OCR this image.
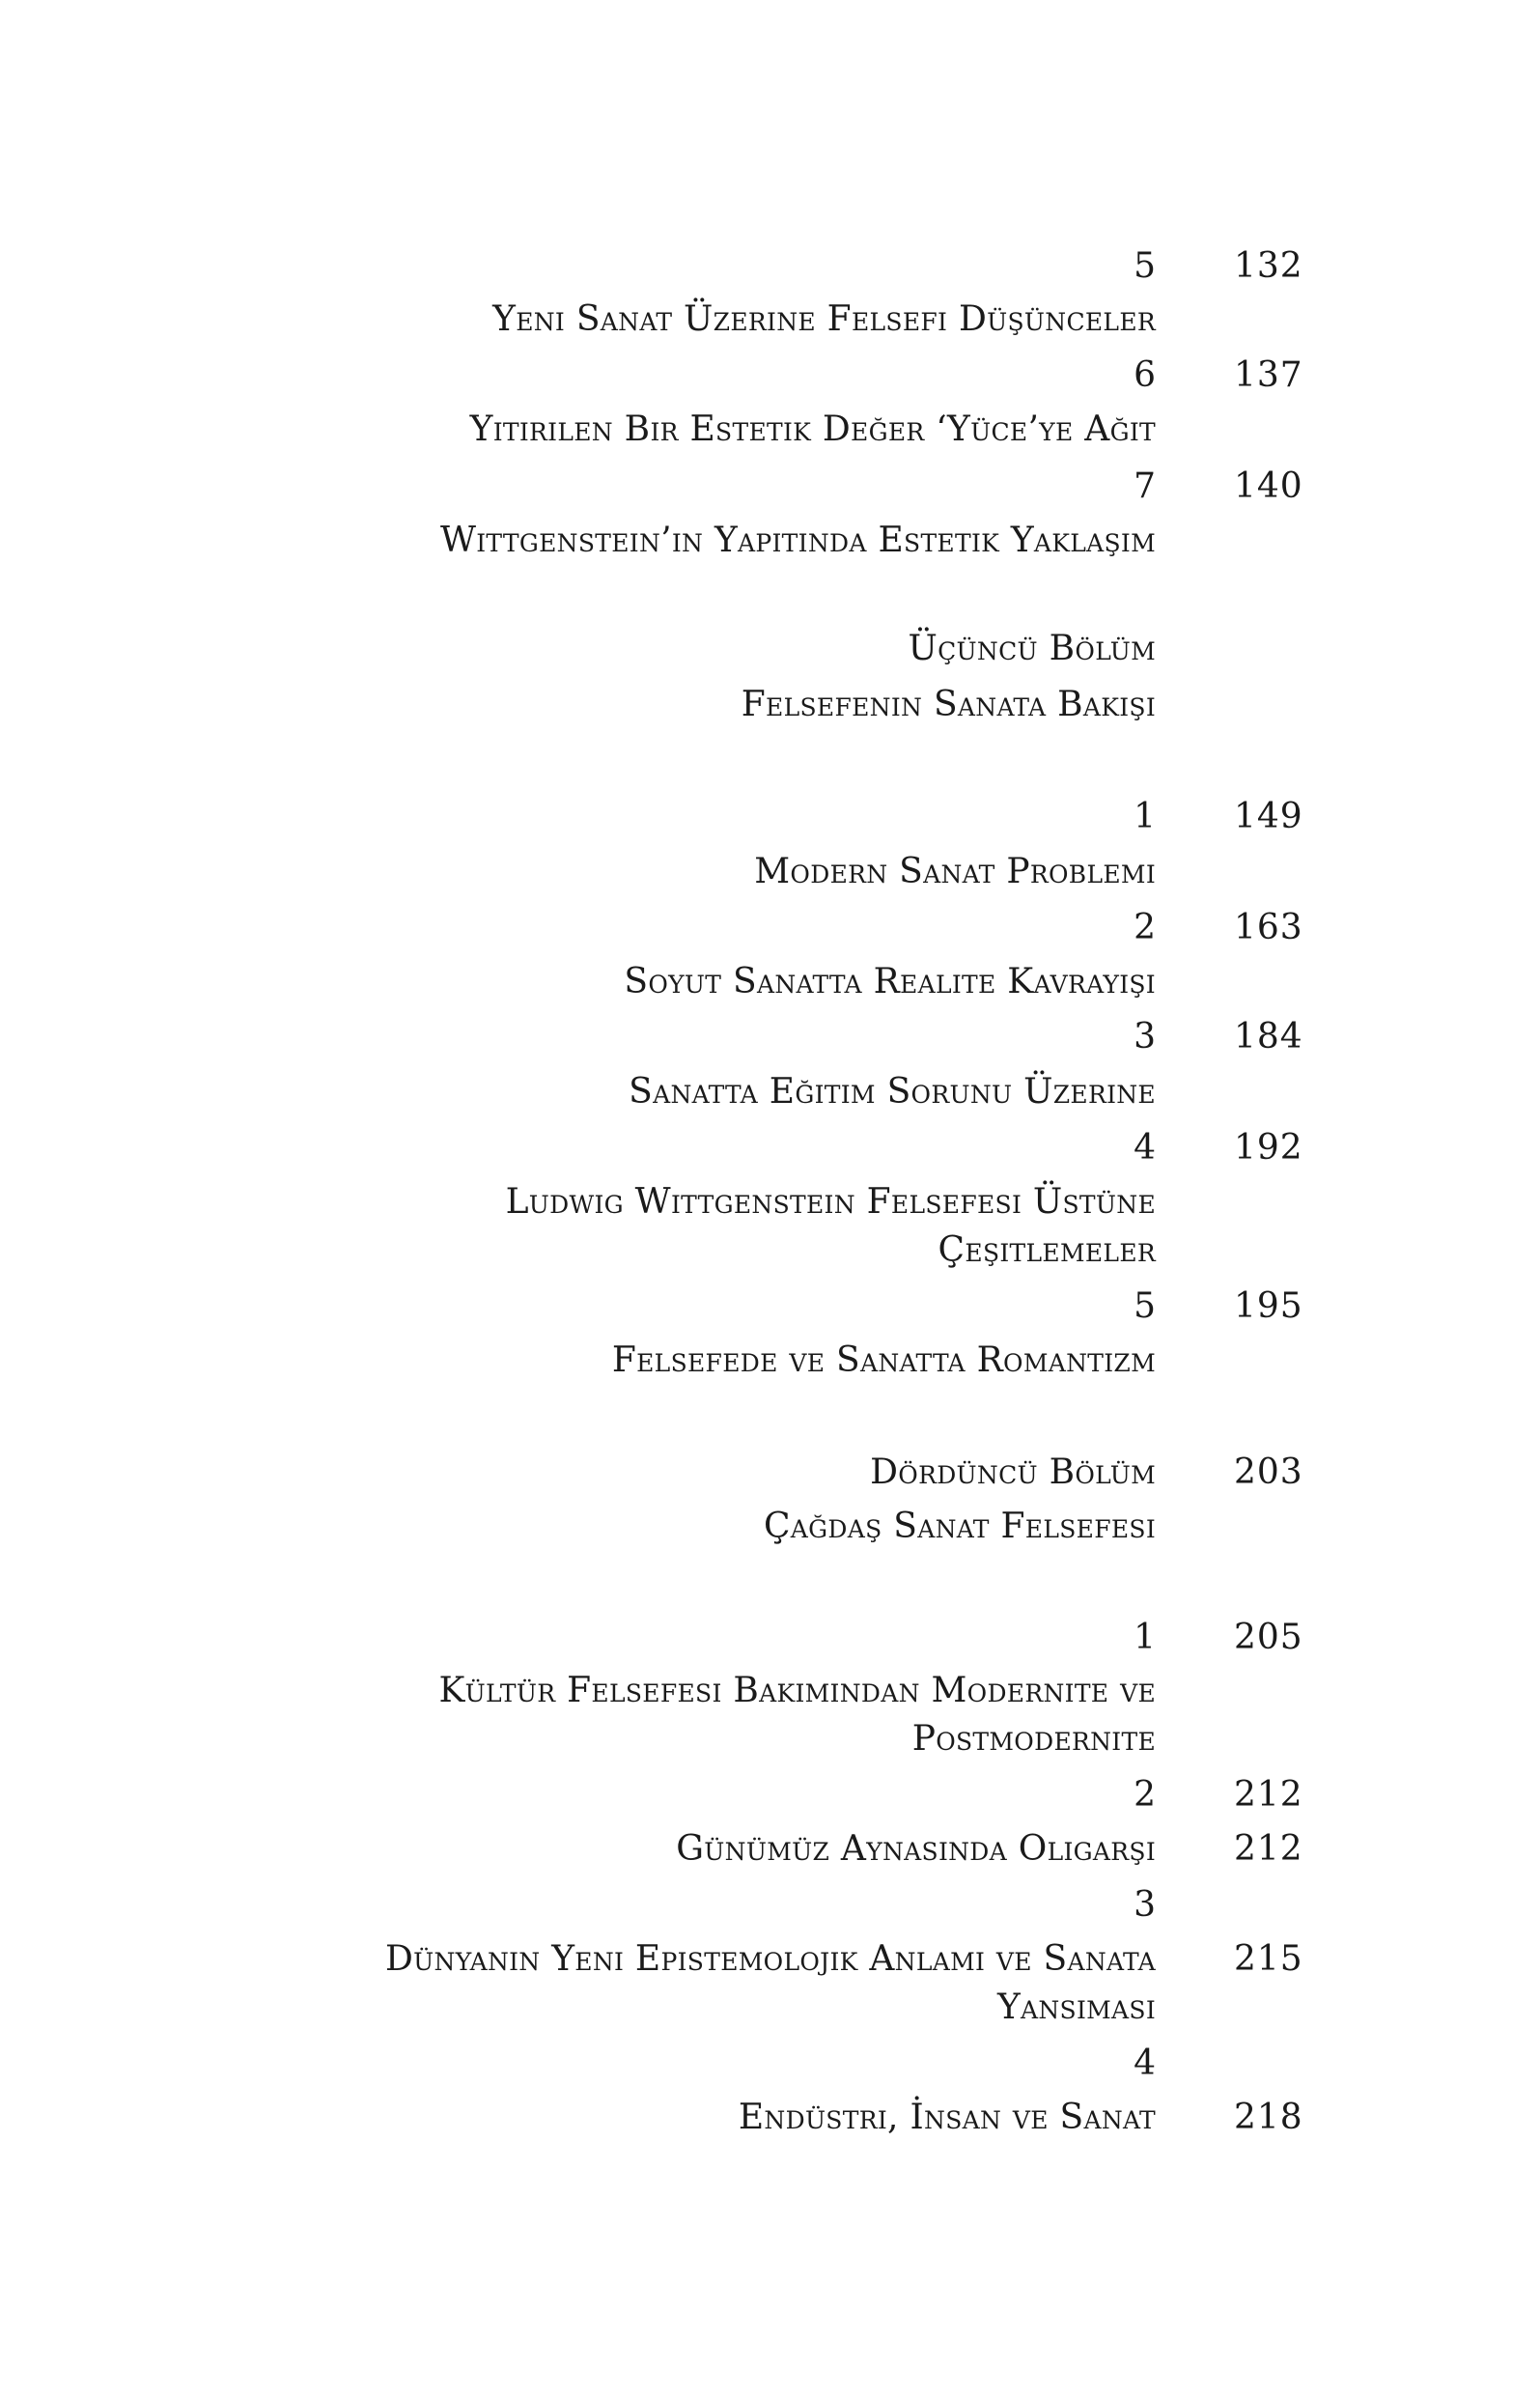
5 132
Yeni Sanat Üzerine Felsefi Düşünceler
6 137
Yitirilen Bir Estetik Değer ‘Yüce’ye Ağıt
7 140
Wittgenstein’ın Yapıtında Estetik Yaklaşım
Üçüncü Bölüm
Felsefenin Sanata Bakışı
1 149
Modern Sanat Problemi
2 163
Soyut Sanatta Realite Kavrayışı
3 184
Sanatta Eğitim Sorunu Üzerine
4 192
Ludwig Wittgenstein Felsefesi Üstüne
Çeşitlemeler
5 195
Felsefede ve Sanatta Romantizm
Dördüncü Bölüm 203
Çağdaş Sanat Felsefesi
1 205
Kültür Felsefesi Bakımından Modernite ve
Postmodernite
2 212
Günümüz Aynasında Oligarşi 212
3
Dünyanın Yeni Epistemolojik Anlamı ve Sanata 215
Yansıması
4
Endüstri, İnsan ve Sanat 218
